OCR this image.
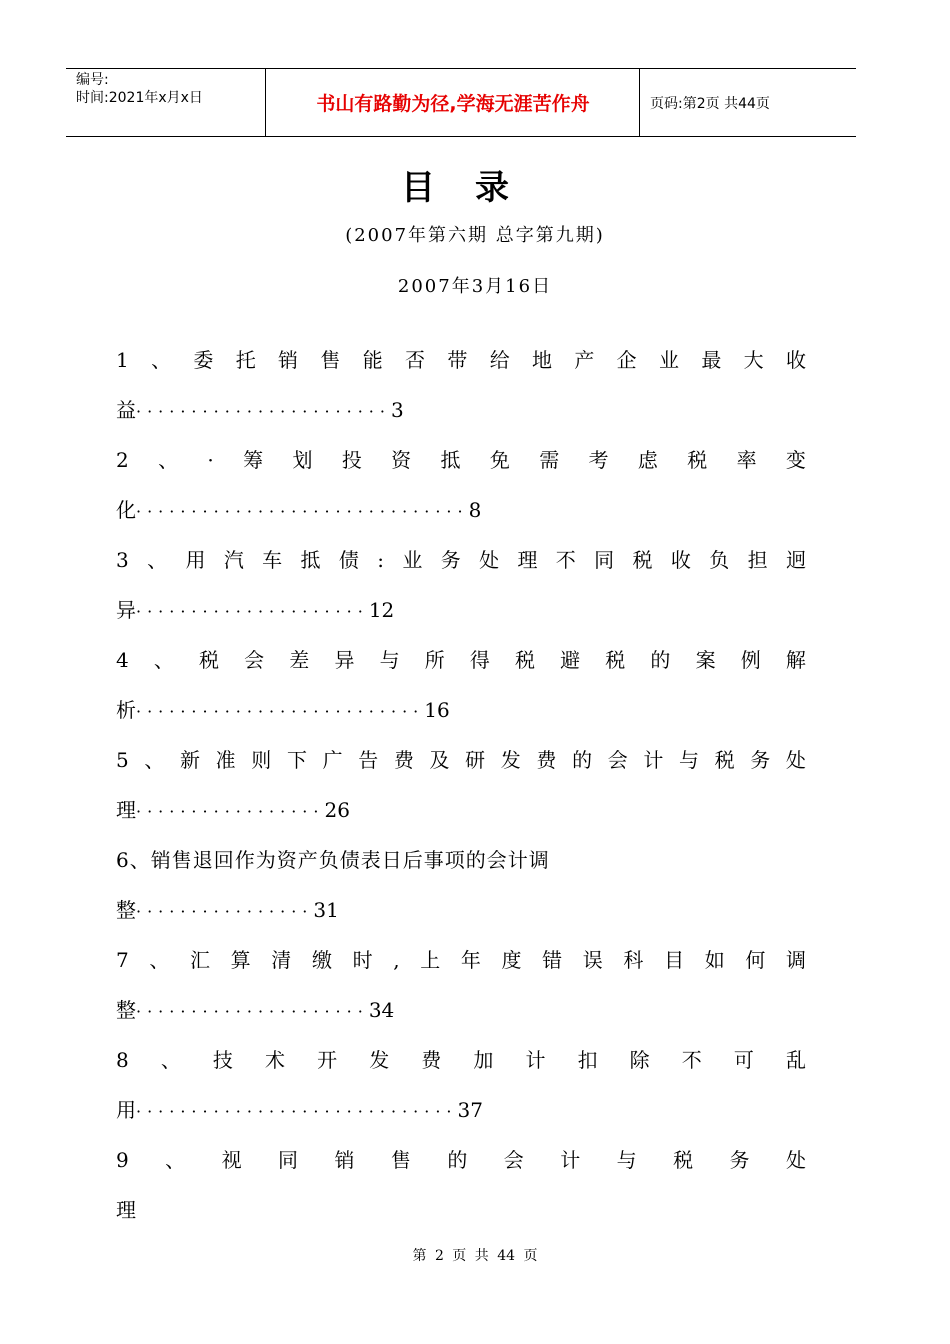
编号:
时间:2021年x月x日	书山有路勤为径,学海无涯苦作舟	页码:第2页 共44页
目录
(2007年第六期 总字第九期)
2007年3月16日
1 、 委 托 销 售 能 否 带 给 地 产 企 业 最 大 收
益·······················3
2 、 · 筹 划 投 资 抵 免 需 考 虑 税 率 变
化······························8
3 、 用 汽 车 抵 债 : 业 务 处 理 不 同 税 收 负 担 迥
异·····················12
4 、 税 会 差 异 与 所 得 税 避 税 的 案 例 解
析··························16
5 、 新 准 则 下 广 告 费 及 研 发 费 的 会 计 与 税 务 处
理·················26
6、销售退回作为资产负债表日后事项的会计调
整················31
7 、 汇 算 清 缴 时 , 上 年 度 错 误 科 目 如 何 调
整·····················34
8 、 技 术 开 发 费 加 计 扣 除 不 可 乱
用·····························37
9 、 视 同 销 售 的 会 计 与 税 务 处
理
第 2 页 共 44 页
